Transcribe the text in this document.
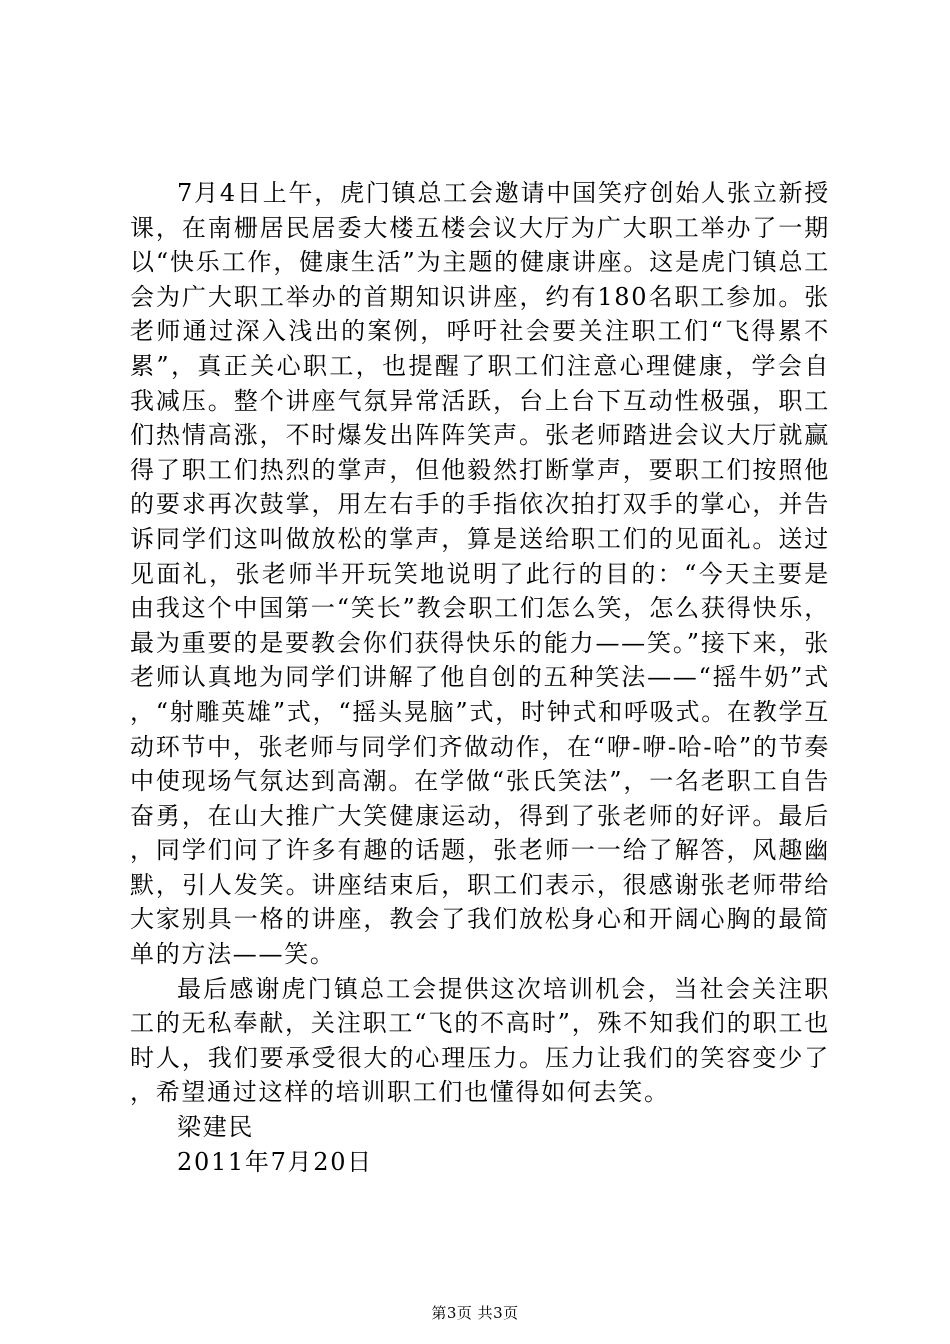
7月4日上午，虎门镇总工会邀请中国笑疗创始人张立新授课，在南栅居民居委大楼五楼会议大厅为广大职工举办了一期以“快乐工作，健康生活”为主题的健康讲座。这是虎门镇总工会为广大职工举办的首期知识讲座，约有180名职工参加。张老师通过深入浅出的案例，呼吁社会要关注职工们“飞得累不累”，真正关心职工，也提醒了职工们注意心理健康，学会自我减压。整个讲座气氛异常活跃，台上台下互动性极强，职工们热情高涨，不时爆发出阵阵笑声。张老师踏进会议大厅就赢得了职工们热烈的掌声，但他毅然打断掌声，要职工们按照他的要求再次鼓掌，用左右手的手指依次拍打双手的掌心，并告诉同学们这叫做放松的掌声，算是送给职工们的见面礼。送过见面礼，张老师半开玩笑地说明了此行的目的：“今天主要是由我这个中国第一“笑长”教会职工们怎么笑，怎么获得快乐，最为重要的是要教会你们获得快乐的能力——笑。”接下来，张老师认真地为同学们讲解了他自创的五种笑法——“摇牛奶”式，“射雕英雄”式，“摇头晃脑”式，时钟式和呼吸式。在教学互动环节中，张老师与同学们齐做动作，在“咿-咿-哈-哈”的节奏中使现场气氛达到高潮。在学做“张氏笑法”，一名老职工自告奋勇，在山大推广大笑健康运动，得到了张老师的好评。最后，同学们问了许多有趣的话题，张老师一一给了解答，风趣幽默，引人发笑。讲座结束后，职工们表示，很感谢张老师带给大家别具一格的讲座，教会了我们放松身心和开阔心胸的最简单的方法——笑。

最后感谢虎门镇总工会提供这次培训机会，当社会关注职工的无私奉献，关注职工“飞的不高时”，殊不知我们的职工也时人，我们要承受很大的心理压力。压力让我们的笑容变少了，希望通过这样的培训职工们也懂得如何去笑。

梁建民

2011年7月20日

第3页 共3页
